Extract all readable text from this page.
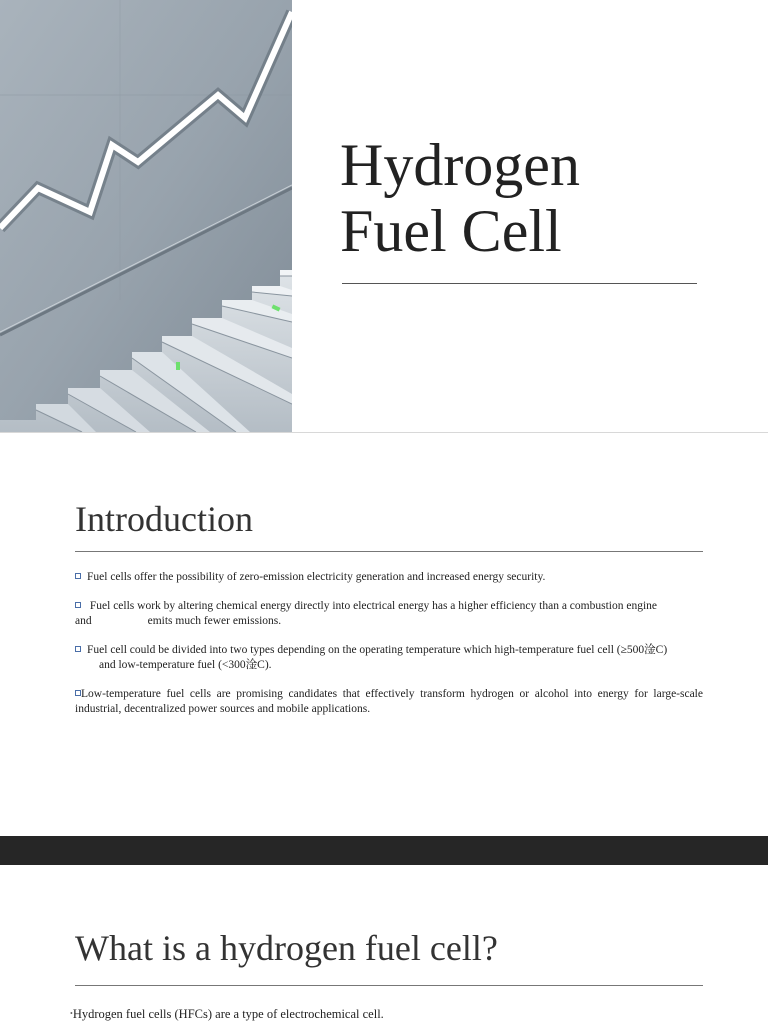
Hydrogen
Fuel Cell
Introduction
Fuel cells offer the possibility of zero-emission electricity generation and increased energy security.
Fuel cells work by altering chemical energy directly into electrical energy has a higher efficiency than a combustion engine
and	emits much fewer emissions.
Fuel cell could be divided into two types depending on the operating temperature which high-temperature fuel cell (≥500淦C)
and low-temperature fuel (<300淦C).
Low-temperature fuel cells are promising candidates that effectively transform hydrogen or alcohol into energy for large-scale industrial, decentralized power sources and mobile applications.
What is a hydrogen fuel cell?
•Hydrogen fuel cells (HFCs) are a type of electrochemical cell.
